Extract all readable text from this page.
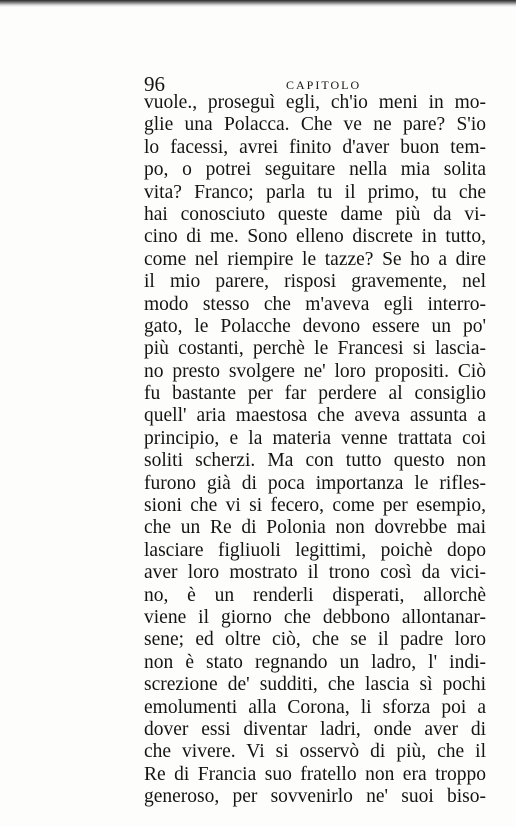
96	CAPITOLO
vuole., proseguì egli, ch'io meni in mo-
glie una Polacca. Che ve ne pare? S'io
lo facessi, avrei finito d'aver buon tem-
po, o potrei seguitare nella mia solita
vita? Franco; parla tu il primo, tu che
hai conosciuto queste dame più da vi-
cino di me. Sono elleno discrete in tutto,
come nel riempire le tazze? Se ho a dire
il mio parere, risposi gravemente, nel
modo stesso che m'aveva egli interro-
gato, le Polacche devono essere un po'
più costanti, perchè le Francesi si lascia-
no presto svolgere ne' loro propositi. Ciò
fu bastante per far perdere al consiglio
quell' aria maestosa che aveva assunta a
principio, e la materia venne trattata coi
soliti scherzi. Ma con tutto questo non
furono già di poca importanza le rifles-
sioni che vi si fecero, come per esempio,
che un Re di Polonia non dovrebbe mai
lasciare figliuoli legittimi, poichè dopo
aver loro mostrato il trono così da vici-
no, è un renderli disperati, allorchè
viene il giorno che debbono allontanar-
sene; ed oltre ciò, che se il padre loro
non è stato regnando un ladro, l' indi-
screzione de' sudditi, che lascia sì pochi
emolumenti alla Corona, li sforza poi a
dover essi diventar ladri, onde aver di
che vivere. Vi si osservò di più, che il
Re di Francia suo fratello non era troppo
generoso, per sovvenirlo ne' suoi biso-
